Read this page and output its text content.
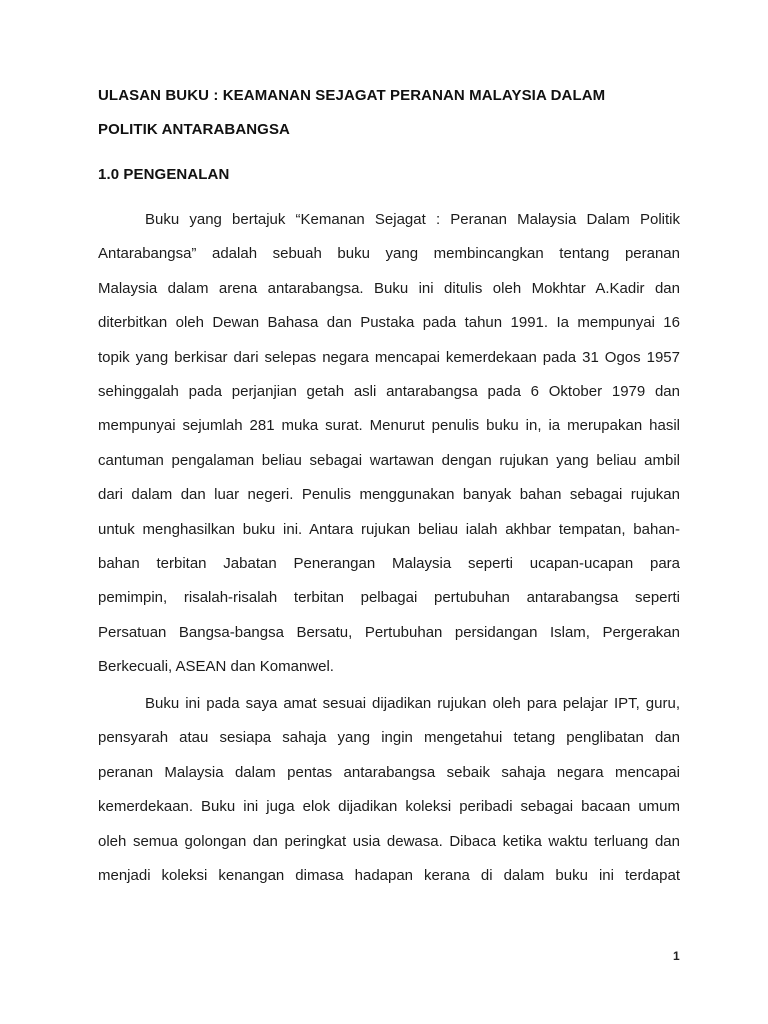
ULASAN BUKU : KEAMANAN SEJAGAT PERANAN MALAYSIA DALAM
POLITIK ANTARABANGSA
1.0 PENGENALAN
Buku yang bertajuk “Kemanan Sejagat : Peranan Malaysia Dalam Politik
Antarabangsa” adalah sebuah buku yang membincangkan tentang peranan
Malaysia dalam arena antarabangsa. Buku ini ditulis oleh Mokhtar A.Kadir dan
diterbitkan oleh Dewan Bahasa dan Pustaka pada tahun 1991. Ia mempunyai 16
topik yang berkisar dari selepas negara mencapai kemerdekaan pada 31 Ogos 1957
sehinggalah pada perjanjian getah asli antarabangsa pada 6 Oktober 1979 dan
mempunyai sejumlah 281 muka surat. Menurut penulis buku in, ia merupakan hasil
cantuman pengalaman beliau sebagai wartawan dengan rujukan yang beliau ambil
dari dalam dan luar negeri. Penulis menggunakan banyak bahan sebagai rujukan
untuk menghasilkan buku ini. Antara rujukan beliau ialah akhbar tempatan, bahan-
bahan terbitan Jabatan Penerangan Malaysia seperti ucapan-ucapan para
pemimpin, risalah-risalah terbitan pelbagai pertubuhan antarabangsa seperti
Persatuan Bangsa-bangsa Bersatu, Pertubuhan persidangan Islam, Pergerakan
Berkecuali, ASEAN dan Komanwel.
Buku ini pada saya amat sesuai dijadikan rujukan oleh para pelajar IPT, guru,
pensyarah atau sesiapa sahaja yang ingin mengetahui tetang penglibatan dan
peranan Malaysia dalam pentas antarabangsa sebaik sahaja negara mencapai
kemerdekaan. Buku ini juga elok dijadikan koleksi peribadi sebagai bacaan umum
oleh semua golongan dan peringkat usia dewasa. Dibaca ketika waktu terluang dan
menjadi koleksi kenangan dimasa hadapan kerana di dalam buku ini terdapat
1
